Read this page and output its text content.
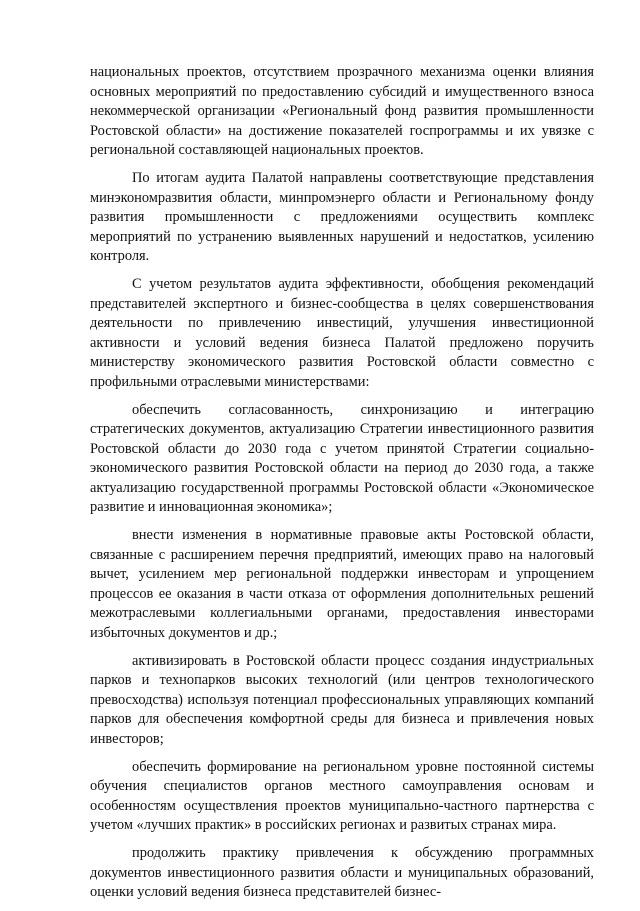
национальных проектов, отсутствием прозрачного механизма оценки влияния основных мероприятий по предоставлению субсидий и имущественного взноса некоммерческой организации «Региональный фонд развития промышленности Ростовской области» на достижение показателей госпрограммы и их увязке с региональной составляющей национальных проектов.

По итогам аудита Палатой направлены соответствующие представления минэкономразвития области, минпромэнерго области и Региональному фонду развития промышленности с предложениями осуществить комплекс мероприятий по устранению выявленных нарушений и недостатков, усилению контроля.

С учетом результатов аудита эффективности, обобщения рекомендаций представителей экспертного и бизнес-сообщества в целях совершенствования деятельности по привлечению инвестиций, улучшения инвестиционной активности и условий ведения бизнеса Палатой предложено поручить министерству экономического развития Ростовской области совместно с профильными отраслевыми министерствами:

обеспечить согласованность, синхронизацию и интеграцию стратегических документов, актуализацию Стратегии инвестиционного развития Ростовской области до 2030 года с учетом принятой Стратегии социально-экономического развития Ростовской области на период до 2030 года, а также актуализацию государственной программы Ростовской области «Экономическое развитие и инновационная экономика»;

внести изменения в нормативные правовые акты Ростовской области, связанные с расширением перечня предприятий, имеющих право на налоговый вычет, усилением мер региональной поддержки инвесторам и упрощением процессов ее оказания в части отказа от оформления дополнительных решений межотраслевыми коллегиальными органами, предоставления инвесторами избыточных документов и др.;

активизировать в Ростовской области процесс создания индустриальных парков и технопарков высоких технологий (или центров технологического превосходства) используя потенциал профессиональных управляющих компаний парков для обеспечения комфортной среды для бизнеса и привлечения новых инвесторов;

обеспечить формирование на региональном уровне постоянной системы обучения специалистов органов местного самоуправления основам и особенностям осуществления проектов муниципально-частного партнерства с учетом «лучших практик» в российских регионах и развитых странах мира.

продолжить практику привлечения к обсуждению программных документов инвестиционного развития области и муниципальных образований, оценки условий ведения бизнеса представителей бизнес-
